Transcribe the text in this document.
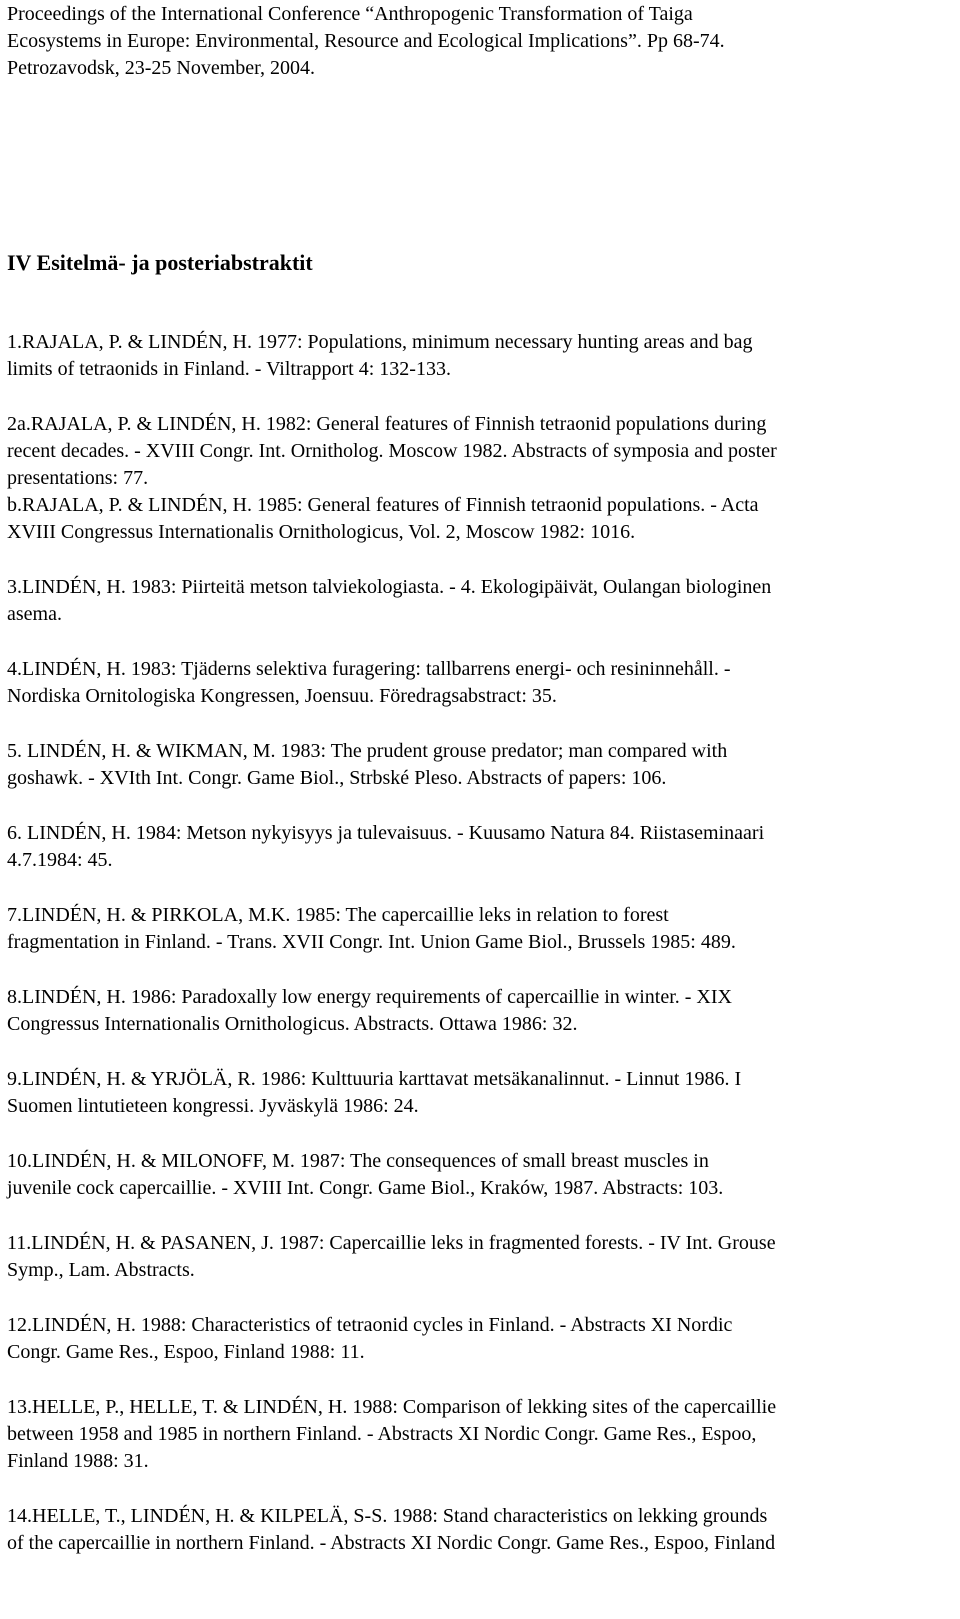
Proceedings of the International Conference “Anthropogenic Transformation of Taiga
Ecosystems in Europe: Environmental, Resource and Ecological Implications”. Pp 68-74.
Petrozavodsk, 23-25 November, 2004.
IV Esitelmä- ja posteriabstraktit
1.RAJALA, P. & LINDÉN, H. 1977: Populations, minimum necessary hunting areas and bag
limits of tetraonids in Finland. - Viltrapport 4: 132-133.
2a.RAJALA, P. & LINDÉN, H. 1982: General features of Finnish tetraonid populations during
recent decades. - XVIII Congr. Int. Ornitholog. Moscow 1982. Abstracts of symposia and poster
presentations: 77.
b.RAJALA, P. & LINDÉN, H. 1985: General features of Finnish tetraonid populations. - Acta
XVIII Congressus Internationalis Ornithologicus, Vol. 2, Moscow 1982: 1016.
3.LINDÉN, H. 1983: Piirteitä metson talviekologiasta. - 4. Ekologipäivät, Oulangan biologinen
asema.
4.LINDÉN, H. 1983: Tjäderns selektiva furagering: tallbarrens energi- och resininnehåll. -
Nordiska Ornitologiska Kongressen, Joensuu. Föredragsabstract: 35.
5. LINDÉN, H. & WIKMAN, M. 1983: The prudent grouse predator; man compared with
goshawk. - XVIth Int. Congr. Game Biol., Strbské Pleso. Abstracts of papers: 106.
6. LINDÉN, H. 1984: Metson nykyisyys ja tulevaisuus. - Kuusamo Natura 84. Riistaseminaari
4.7.1984: 45.
7.LINDÉN, H. & PIRKOLA, M.K. 1985: The capercaillie leks in relation to forest
fragmentation in Finland. - Trans. XVII Congr. Int. Union Game Biol., Brussels 1985: 489.
8.LINDÉN, H. 1986: Paradoxally low energy requirements of capercaillie in winter. - XIX
Congressus Internationalis Ornithologicus. Abstracts. Ottawa 1986: 32.
9.LINDÉN, H. & YRJÖLÄ, R. 1986: Kulttuuria karttavat metsäkanalinnut. - Linnut 1986. I
Suomen lintutieteen kongressi. Jyväskylä 1986: 24.
10.LINDÉN, H. & MILONOFF, M. 1987: The consequences of small breast muscles in
juvenile cock capercaillie. - XVIII Int. Congr. Game Biol., Kraków, 1987. Abstracts: 103.
11.LINDÉN, H. & PASANEN, J. 1987: Capercaillie leks in fragmented forests. - IV Int. Grouse
Symp., Lam. Abstracts.
12.LINDÉN, H. 1988: Characteristics of tetraonid cycles in Finland. - Abstracts XI Nordic
Congr. Game Res., Espoo, Finland 1988: 11.
13.HELLE, P., HELLE, T. & LINDÉN, H. 1988: Comparison of lekking sites of the capercaillie
between 1958 and 1985 in northern Finland. - Abstracts XI Nordic Congr. Game Res., Espoo,
Finland 1988: 31.
14.HELLE, T., LINDÉN, H. & KILPELÄ, S-S. 1988: Stand characteristics on lekking grounds
of the capercaillie in northern Finland. - Abstracts XI Nordic Congr. Game Res., Espoo, Finland
